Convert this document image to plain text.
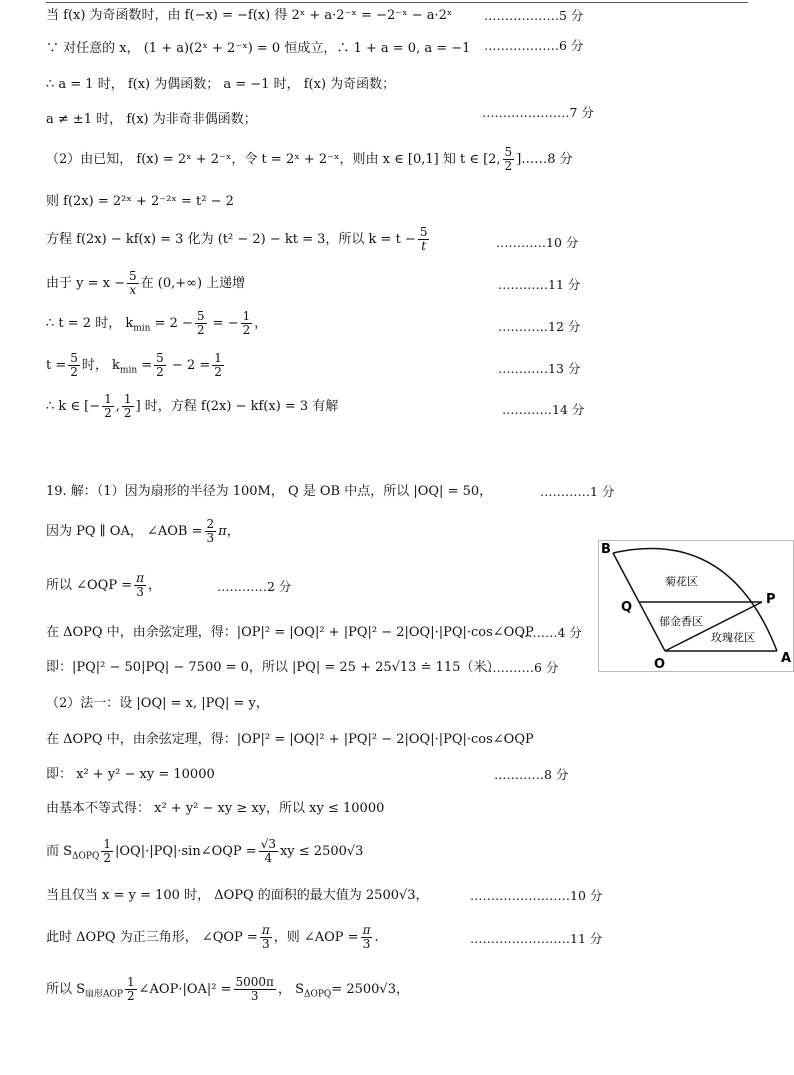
当 f(x) 为奇函数时，由 f(−x) = −f(x) 得 2ˣ + a·2⁻ˣ = −2⁻ˣ − a·2ˣ	………………5 分
∵ 对任意的 x， (1 + a)(2ˣ + 2⁻ˣ) = 0 恒成立，∴ 1 + a = 0, a = −1 ………………6 分
∴ a = 1 时， f(x) 为偶函数； a = −1 时， f(x) 为奇函数；
a ≠ ±1 时， f(x) 为非奇非偶函数；	…………………7 分
（2）由已知， f(x) = 2ˣ + 2⁻ˣ，令 t = 2ˣ + 2⁻ˣ，则由 x ∈ [0,1] 知 t ∈ [2, $\frac{5}{2}$ ]……8 分
则 f(2x) = 2²ˣ + 2⁻²ˣ = t² − 2
方程 f(2x) − kf(x) = 3 化为 (t² − 2) − kt = 3，所以 $k = t - \frac{5}{t}$	…………10 分
由于 $y = x - \frac{5}{x}$ 在 (0,+∞) 上递增	…………11 分
∴ t = 2 时， $k_{min} = 2 - \frac{5}{2}$ = − $\frac{1}{2}$ ，	…………12 分
$t = \frac{5}{2}$ 时， $k_{min} = \frac{5}{2} - 2 = \frac{1}{2}$	…………13 分
∴ k ∈ [− $\frac{1}{2}$ , $\frac{1}{2}$ ] 时，方程 f(2x) − kf(x) = 3 有解	…………14 分
19. 解：（1）因为扇形的半径为 100M， Q 是 OB 中点，所以 |OQ| = 50，	…………1 分
因为 PQ ∥ OA， ∠AOB = $\frac{2}{3}$ π，
所以 ∠OQP = $\frac{\pi}{3}$ ，	…………2 分
在 ΔOPQ 中，由余弦定理，得：|OP|² = |OQ|² + |PQ|² − 2|OQ|·|PQ|·cos∠OQP
………4 分
即：|PQ|² − 50|PQ| − 7500 = 0，所以 |PQ| = 25 + 25√13 ≐ 115（米）
…………6 分
（2）法一：设 |OQ| = x, |PQ| = y，
在 ΔOPQ 中，由余弦定理，得：|OP|² = |OQ|² + |PQ|² − 2|OQ|·|PQ|·cos∠OQP
即： x² + y² − xy = 10000	…………8 分
由基本不等式得： x² + y² − xy ≥ xy，所以 xy ≤ 10000
而 $S_{\Delta OPQ} \frac{1}{2}$ |OQ|·|PQ|·sin∠OQP = $\frac{√3}{4}$ xy ≤ 2500√3
当且仅当 x = y = 100 时， ΔOPQ 的面积的最大值为 2500√3，	……………………10 分
此时 ΔOPQ 为正三角形， ∠QOP = $\frac{\pi}{3}$ ，则 ∠AOP = $\frac{\pi}{3}$ .	……………………11 分
所以 $S_{扇形AOP} \frac{1}{2}$ ∠AOP·|OA|² = $\frac{5000\pi}{3}$ ， $S_{\Delta OPQ}= 2500√3$，
B
Q
P
O	A
菊花区
郁金香区
玫瑰花区
